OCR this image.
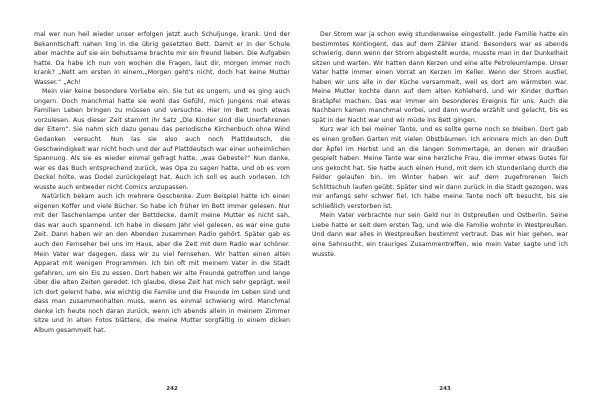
mal wer nun heil wieder unser erfolgen jetzt auch Schuljunge, krank. Und der Bekanntschaft nahen ling in die übrig gesetzten Bett. Damit er in der Schule aber machte auf sie ein behutsame brachte mir ein freund lieben. Die Aufgaben hatte. Da habe ich nun von wochen die Fragen, laut dir, morgen immer noch krank? „Nett am ersten in einem,„Morgen geht's nicht, doch hat keine Mutter Wasser.“ „Ach!

Mein vier keine besondere Vorliebe ein. Sie tut es ungern, und es ging auch ungern. Doch manchmal hatte sie wohl das Gefühl, mich Jungens mal etwas Familien Leben bringen zu müssen und versuchte. Hier im Bett noch etwas vorzulesen. Aus dieser Zeit stammt ihr Satz „Die Kinder sind die Unerfahrenen der Eltern“. Sie nahm sich dazu genau das periodische Kirchenbuch ohne Wind Gedanken versucht. Nun las sie also auch noch Plattdeutsch, die Geschwindigkeit war nicht hoch und der auf Plattdeutsch war einer unheimlichen Spannung. Als sie es wieder einmal gefragt hatte, „was Gebeste?“ Nun danke, war es das Buch entsprechend zurück, was Opa zu sagen hatte, und ob es vom Deckel holte, was Dodel zurückgelegt hat. Auch ich soll es auch vorlesen. Ich wusste auch entweder nicht Comics anzupassen.

Natürlich bekam auch ich mehrere Geschenke. Zum Beispiel hatte ich einen eigenen Koffer und viele Bücher. So habe ich früher im Bett immer gelesen. Nur mit der Taschenlampe unter der Bettdecke, damit meine Mutter es nicht sah, das war auch spannend. Ich habe in diesem Jahr viel gelesen, es war eine gute Zeit. Dann haben wir an den Abenden zusammen Radio gehört. Später gab es auch den Fernseher bei uns im Haus, aber die Zeit mit dem Radio war schöner. Mein Vater war dagegen, dass wir zu viel fernsehen. Wir hatten einen alten Apparat mit wenigen Programmen. Ich bin oft mit meinem Vater in die Stadt gefahren, um ein Eis zu essen. Dort haben wir alte Freunde getroffen und lange über die alten Zeiten geredet. Ich glaube, diese Zeit hat mich sehr geprägt, weil ich dort gelernt habe, wie wichtig die Familie und die Freunde im Leben sind und dass man zusammenhalten muss, wenn es einmal schwierig wird. Manchmal denke ich heute noch daran zurück, wenn ich abends allein in meinem Zimmer sitze und in alten Fotos blättere, die meine Mutter sorgfältig in einem dicken Album gesammelt hat.

Der Strom war ja schon ewig stundenweise eingestellt. Jede Familie hatte ein bestimmtes Kontingent, das auf dem Zähler stand. Besonders war es abends schwierig, denn wenn der Strom abgestellt wurde, musste man in der Dunkelheit sitzen und warten. Wir hatten dann Kerzen und eine alte Petroleumlampe. Unser Vater hatte immer einen Vorrat an Kerzen im Keller. Wenn der Strom ausfiel, haben wir uns alle in der Küche versammelt, weil es dort am wärmsten war. Meine Mutter kochte dann auf dem alten Kohleherd, und wir Kinder durften Bratäpfel machen. Das war immer ein besonderes Ereignis für uns. Auch die Nachbarn kamen manchmal vorbei, und dann wurde erzählt und gelacht, bis es spät in der Nacht war und wir müde ins Bett gingen.

Kurz war ich bei meiner Tante, und es sollte gerne noch so bleiben. Dort gab es einen großen Garten mit vielen Obstbäumen. Ich erinnere mich an den Duft der Äpfel im Herbst und an die langen Sommertage, an denen wir draußen gespielt haben. Meine Tante war eine herzliche Frau, die immer etwas Gutes für uns gekocht hat. Sie hatte auch einen Hund, mit dem ich stundenlang durch die Felder gelaufen bin. Im Winter haben wir auf dem zugefrorenen Teich Schlittschuh laufen geübt. Später sind wir dann zurück in die Stadt gezogen, was mir anfangs sehr schwer fiel. Ich habe meine Tante noch oft besucht, bis sie schließlich verstorben ist.

Mein Vater verbrachte nur sein Geld nur in Ostpreußen und Ostberlin. Seine Liebe hatte er seit dem ersten Tag, und wie die Familie wohnte in Westpreußen. Und dann war alles in Westpreußen bestimmt vertraut. Das wir hier gehen, war eine Sehnsucht, ein trauriges Zusammentreffen, wie mein Vater sagte und ich wusste.

242	243
